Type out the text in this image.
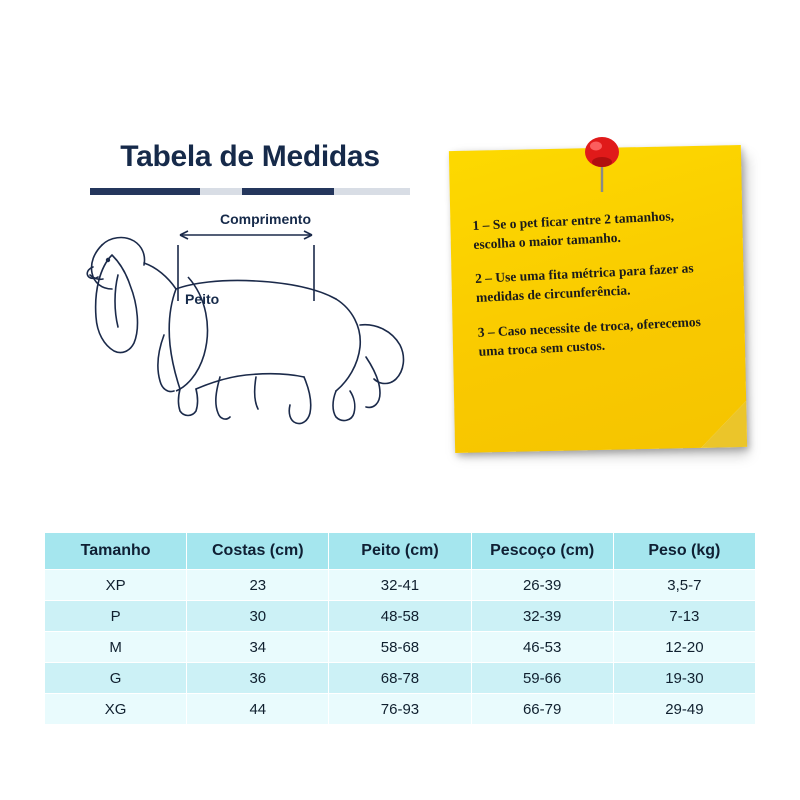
Tabela de Medidas
Comprimento
Peito
1 – Se o pet ficar entre 2 tamanhos, escolha o maior tamanho.
2 – Use uma fita métrica para fazer as medidas de circunferência.
3 – Caso necessite de troca, oferecemos uma troca sem custos.
Tamanho	Costas (cm)	Peito (cm)	Pescoço (cm)	Peso (kg)
XP	23	32-41	26-39	3,5-7
P	30	48-58	32-39	7-13
M	34	58-68	46-53	12-20
G	36	68-78	59-66	19-30
XG	44	76-93	66-79	29-49
